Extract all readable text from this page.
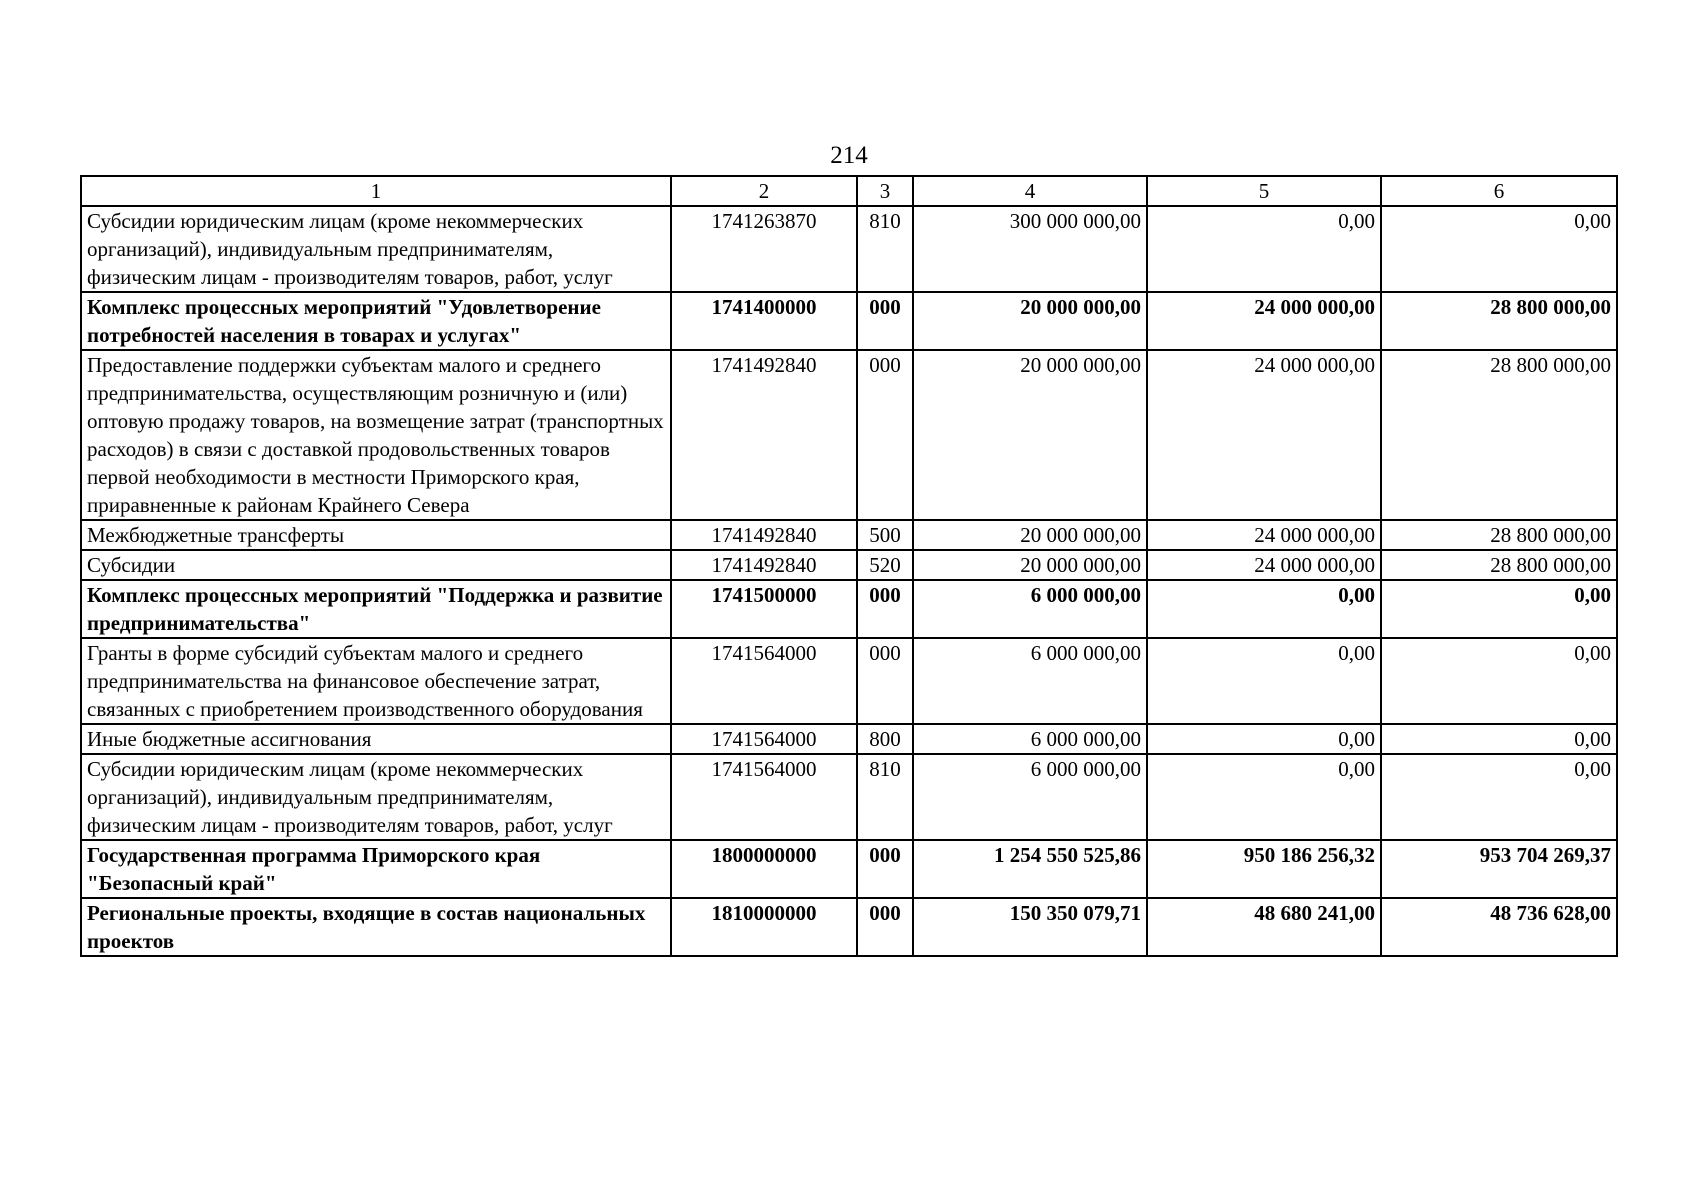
214
1	2	3	4	5	6
Субсидии юридическим лицам (кроме некоммерческих организаций), индивидуальным предпринимателям, физическим лицам - производителям товаров, работ, услуг	1741263870	810	300 000 000,00	0,00	0,00
Комплекс процессных мероприятий "Удовлетворение потребностей населения в товарах и услугах"	1741400000	000	20 000 000,00	24 000 000,00	28 800 000,00
Предоставление поддержки субъектам малого и среднего предпринимательства, осуществляющим розничную и (или) оптовую продажу товаров, на возмещение затрат (транспортных расходов) в связи с доставкой продовольственных товаров первой необходимости в местности Приморского края, приравненные к районам Крайнего Севера	1741492840	000	20 000 000,00	24 000 000,00	28 800 000,00
Межбюджетные трансферты	1741492840	500	20 000 000,00	24 000 000,00	28 800 000,00
Субсидии	1741492840	520	20 000 000,00	24 000 000,00	28 800 000,00
Комплекс процессных мероприятий "Поддержка и развитие предпринимательства"	1741500000	000	6 000 000,00	0,00	0,00
Гранты в форме субсидий субъектам малого и среднего предпринимательства на финансовое обеспечение затрат, связанных с приобретением производственного оборудования	1741564000	000	6 000 000,00	0,00	0,00
Иные бюджетные ассигнования	1741564000	800	6 000 000,00	0,00	0,00
Субсидии юридическим лицам (кроме некоммерческих организаций), индивидуальным предпринимателям, физическим лицам - производителям товаров, работ, услуг	1741564000	810	6 000 000,00	0,00	0,00
Государственная программа Приморского края "Безопасный край"	1800000000	000	1 254 550 525,86	950 186 256,32	953 704 269,37
Региональные проекты, входящие в состав национальных проектов	1810000000	000	150 350 079,71	48 680 241,00	48 736 628,00
